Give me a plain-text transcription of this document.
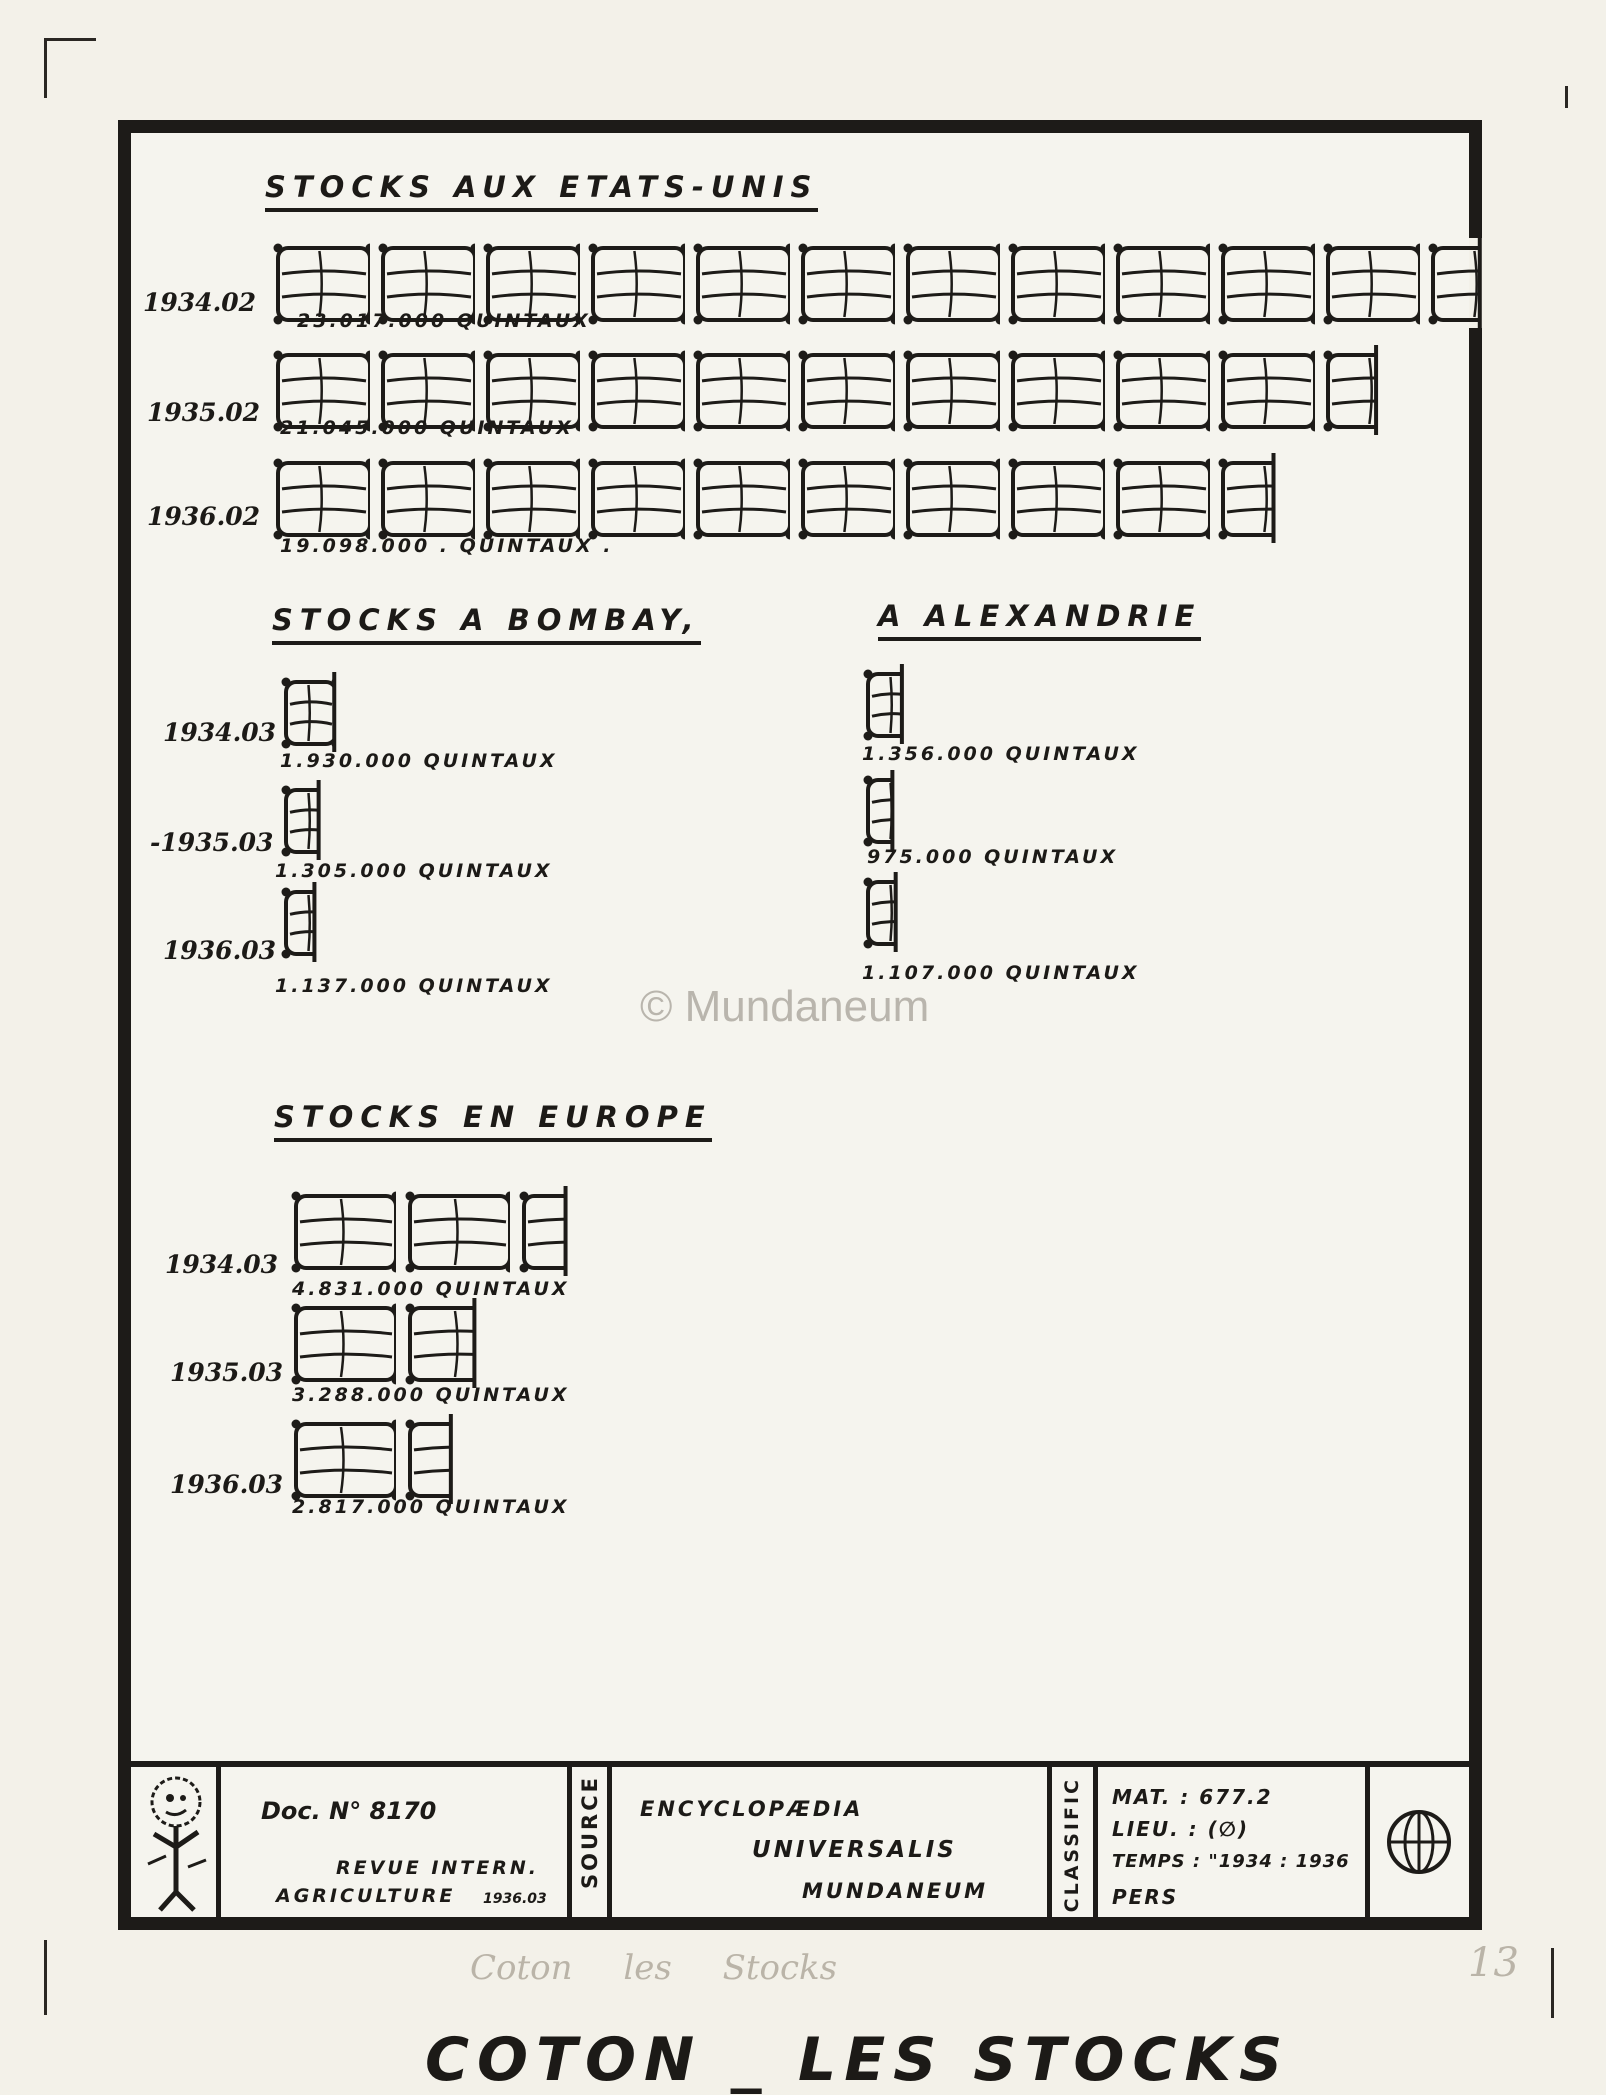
STOCKS AUX ETATS-UNIS
STOCKS A BOMBAY,	A ALEXANDRIE
STOCKS EN EUROPE
1934.02
23.017.000 QUINTAUX
1935.02
21.045.000 QUINTAUX
1936.02
19.098.000 . QUINTAUX .
1934.03
1.930.000 QUINTAUX
-1935.03
1.305.000 QUINTAUX
1936.03
1.137.000 QUINTAUX
1.356.000 QUINTAUX
975.000 QUINTAUX
1.107.000 QUINTAUX
1934.03
4.831.000 QUINTAUX
1935.03
3.288.000 QUINTAUX
1936.03
2.817.000 QUINTAUX
© Mundaneum
COTON _ LES STOCKS
Doc. N° 8170
REVUE INTERN.
AGRICULTURE 1936.03
SOURCE ENCYCLOPÆDIA
UNIVERSALIS
MUNDANEUM	CLASSIFIC MAT. : 677.2
LIEU. : (∅)
TEMPS : "1934 : 1936
PERS
Coton les Stocks	13
